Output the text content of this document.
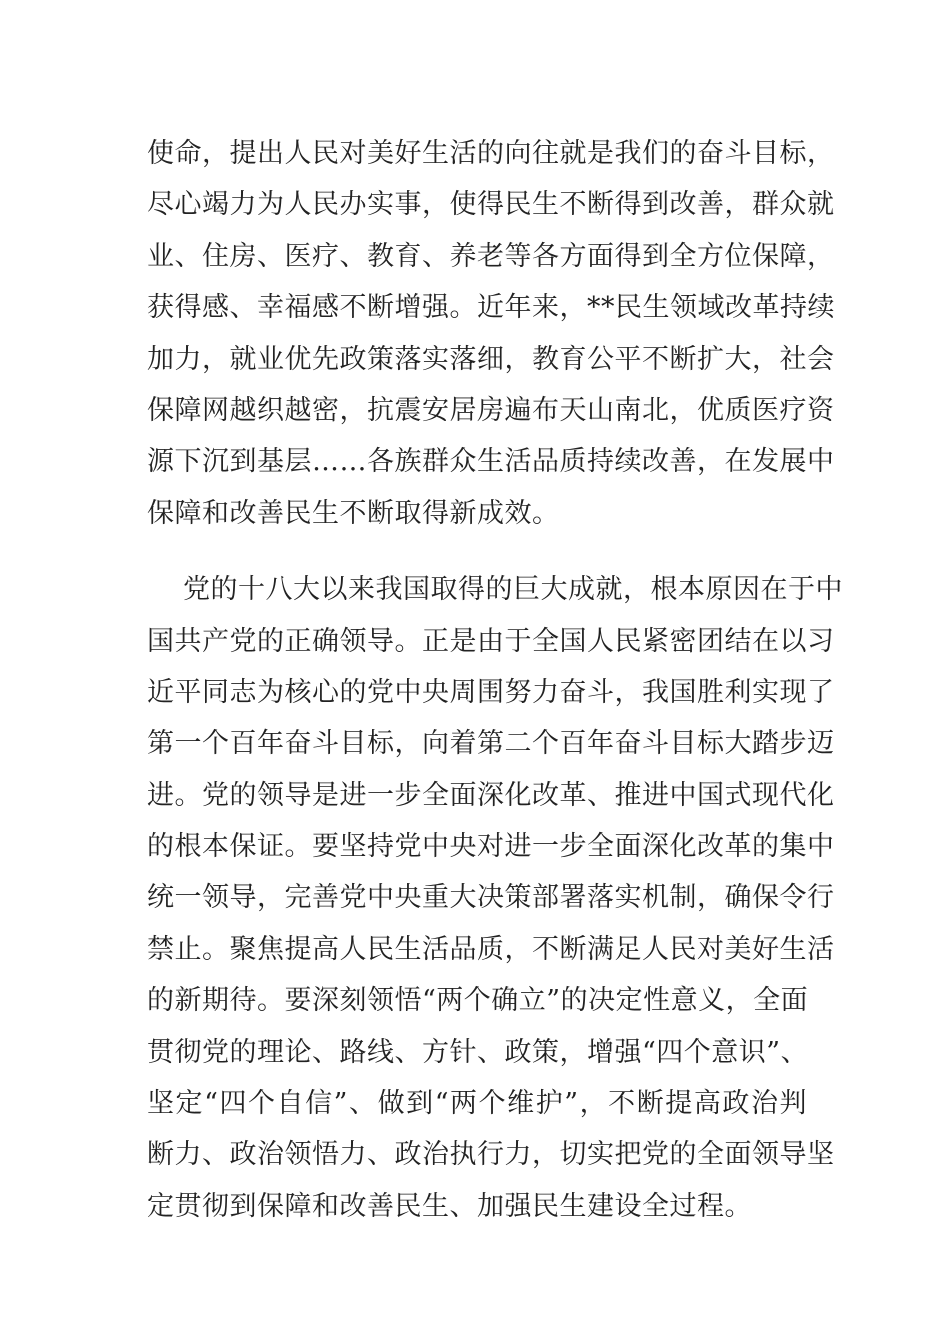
使命，提出人民对美好生活的向往就是我们的奋斗目标，
尽心竭力为人民办实事，使得民生不断得到改善，群众就
业、住房、医疗、教育、养老等各方面得到全方位保障，
获得感、幸福感不断增强。近年来，**民生领域改革持续
加力，就业优先政策落实落细，教育公平不断扩大，社会
保障网越织越密，抗震安居房遍布天山南北，优质医疗资
源下沉到基层……各族群众生活品质持续改善，在发展中
保障和改善民生不断取得新成效。
党的十八大以来我国取得的巨大成就，根本原因在于中
国共产党的正确领导。正是由于全国人民紧密团结在以习
近平同志为核心的党中央周围努力奋斗，我国胜利实现了
第一个百年奋斗目标，向着第二个百年奋斗目标大踏步迈
进。党的领导是进一步全面深化改革、推进中国式现代化
的根本保证。要坚持党中央对进一步全面深化改革的集中
统一领导，完善党中央重大决策部署落实机制，确保令行
禁止。聚焦提高人民生活品质，不断满足人民对美好生活
的新期待。要深刻领悟“两个确立”的决定性意义，全面
贯彻党的理论、路线、方针、政策，增强“四个意识”、
坚定“四个自信”、做到“两个维护”，不断提高政治判
断力、政治领悟力、政治执行力，切实把党的全面领导坚
定贯彻到保障和改善民生、加强民生建设全过程。
